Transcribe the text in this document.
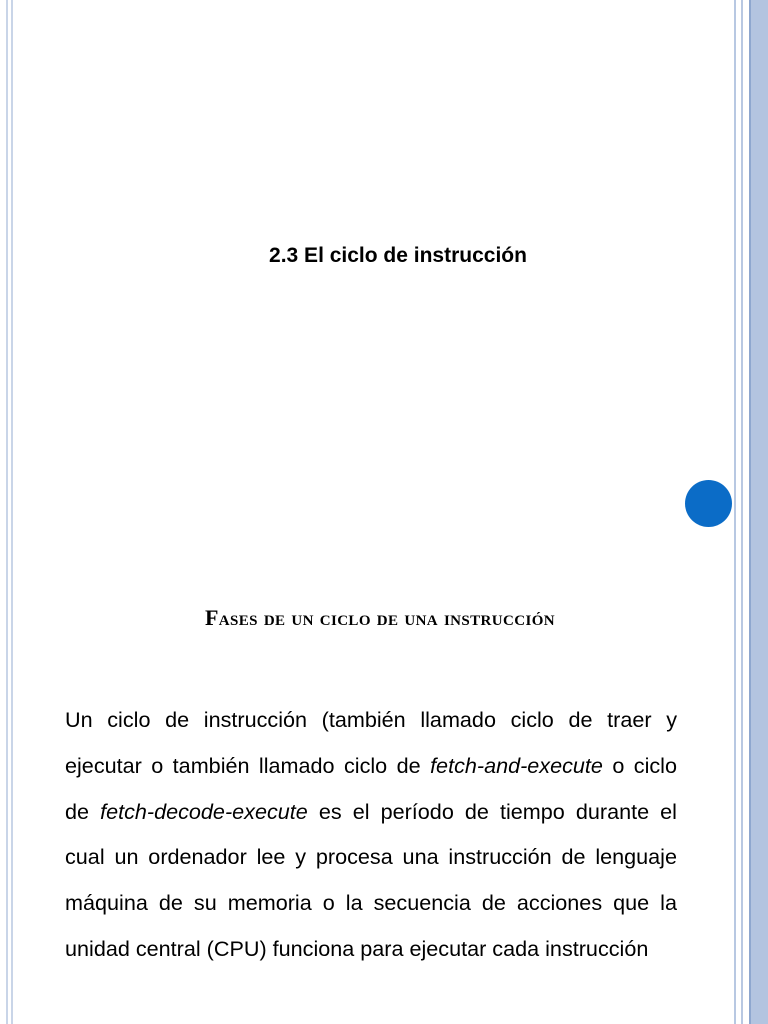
2.3 El ciclo de instrucción
Fases de un ciclo de una instrucción

Un ciclo de instrucción (también llamado ciclo de traer y ejecutar o también llamado ciclo de fetch-and-execute o ciclo de fetch-decode-execute es el período de tiempo durante el cual un ordenador lee y procesa una instrucción de lenguaje máquina de su memoria o la secuencia de acciones que la unidad central (CPU) funciona para ejecutar cada instrucción
